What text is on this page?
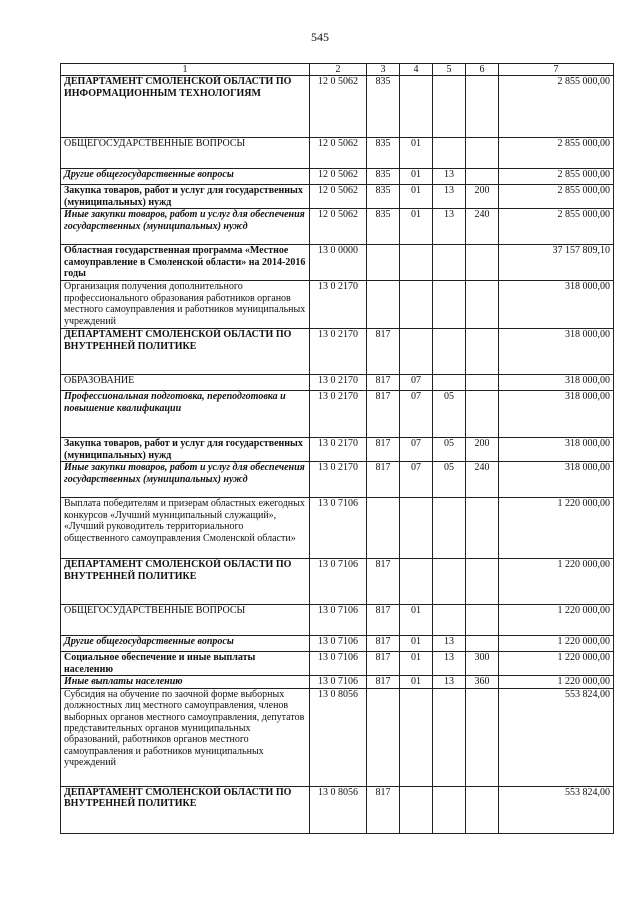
545
1	2	3	4	5	6	7
ДЕПАРТАМЕНТ СМОЛЕНСКОЙ ОБЛАСТИ ПО ИНФОРМАЦИОННЫМ ТЕХНОЛОГИЯМ	12 0 5062	835				2 855 000,00
ОБЩЕГОСУДАРСТВЕННЫЕ ВОПРОСЫ	12 0 5062	835	01			2 855 000,00
Другие общегосударственные вопросы	12 0 5062	835	01	13		2 855 000,00
Закупка товаров, работ и услуг для государственных (муниципальных) нужд	12 0 5062	835	01	13	200	2 855 000,00
Иные закупки товаров, работ и услуг для обеспечения государственных (муниципальных) нужд	12 0 5062	835	01	13	240	2 855 000,00
Областная государственная программа «Местное самоуправление в Смоленской области» на 2014-2016 годы	13 0 0000					37 157 809,10
Организация получения дополнительного профессионального образования работников органов местного самоуправления и работников муниципальных учреждений	13 0 2170					318 000,00
ДЕПАРТАМЕНТ СМОЛЕНСКОЙ ОБЛАСТИ ПО ВНУТРЕННЕЙ ПОЛИТИКЕ	13 0 2170	817				318 000,00
ОБРАЗОВАНИЕ	13 0 2170	817	07			318 000,00
Профессиональная подготовка, переподготовка и повышение квалификации	13 0 2170	817	07	05		318 000,00
Закупка товаров, работ и услуг для государственных (муниципальных) нужд	13 0 2170	817	07	05	200	318 000,00
Иные закупки товаров, работ и услуг для обеспечения государственных (муниципальных) нужд	13 0 2170	817	07	05	240	318 000,00
Выплата победителям и призерам областных ежегодных конкурсов «Лучший муниципальный служащий», «Лучший руководитель территориального общественного самоуправления Смоленской области»	13 0 7106					1 220 000,00
ДЕПАРТАМЕНТ СМОЛЕНСКОЙ ОБЛАСТИ ПО ВНУТРЕННЕЙ ПОЛИТИКЕ	13 0 7106	817				1 220 000,00
ОБЩЕГОСУДАРСТВЕННЫЕ ВОПРОСЫ	13 0 7106	817	01			1 220 000,00
Другие общегосударственные вопросы	13 0 7106	817	01	13		1 220 000,00
Социальное обеспечение и иные выплаты населению	13 0 7106	817	01	13	300	1 220 000,00
Иные выплаты населению	13 0 7106	817	01	13	360	1 220 000,00
Субсидия на обучение по заочной форме выборных должностных лиц местного самоуправления, членов выборных органов местного самоуправления, депутатов представительных органов муниципальных образований, работников органов местного самоуправления и работников муниципальных учреждений	13 0 8056					553 824,00
ДЕПАРТАМЕНТ СМОЛЕНСКОЙ ОБЛАСТИ ПО ВНУТРЕННЕЙ ПОЛИТИКЕ	13 0 8056	817				553 824,00
